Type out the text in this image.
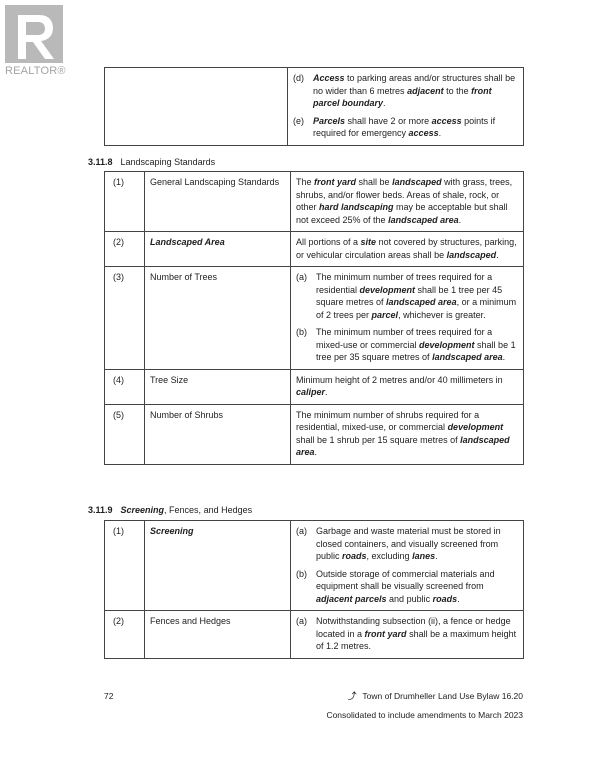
REALTOR®

(d)	Access to parking areas and/or structures shall be no wider than 6 metres adjacent to the front parcel boundary.
(e)	Parcels shall have 2 or more access points if required for emergency access.
3.11.8 Landscaping Standards
(1)	General Landscaping Standards	The front yard shall be landscaped with grass, trees, shrubs, and/or flower beds. Areas of shale, rock, or other hard landscaping may be acceptable but shall not exceed 25% of the landscaped area.
(2)	Landscaped Area	All portions of a site not covered by structures, parking, or vehicular circulation areas shall be landscaped.
(3)	Number of Trees	(a) The minimum number of trees required for a residential development shall be 1 tree per 45 square metres of landscaped area, or a minimum of 2 trees per parcel, whichever is greater.
(b) The minimum number of trees required for a mixed-use or commercial development shall be 1 tree per 35 square metres of landscaped area.

(4)	Tree Size	Minimum height of 2 metres and/or 40 millimeters in caliper.
(5)	Number of Shrubs	The minimum number of shrubs required for a residential, mixed-use, or commercial development shall be 1 shrub per 15 square metres of landscaped area.
3.11.9 Screening, Fences, and Hedges
(1)	Screening	(a) Garbage and waste material must be stored in closed containers, and visually screened from public roads, excluding lanes.
(b) Outside storage of commercial materials and equipment shall be visually screened from adjacent parcels and public roads.

(2)	Fences and Hedges	(a) Notwithstanding subsection (ii), a fence or hedge located in a front yard shall be a maximum height of 1.2 metres.
72	⤴ Town of Drumheller Land Use Bylaw 16.20
Consolidated to include amendments to March 2023
